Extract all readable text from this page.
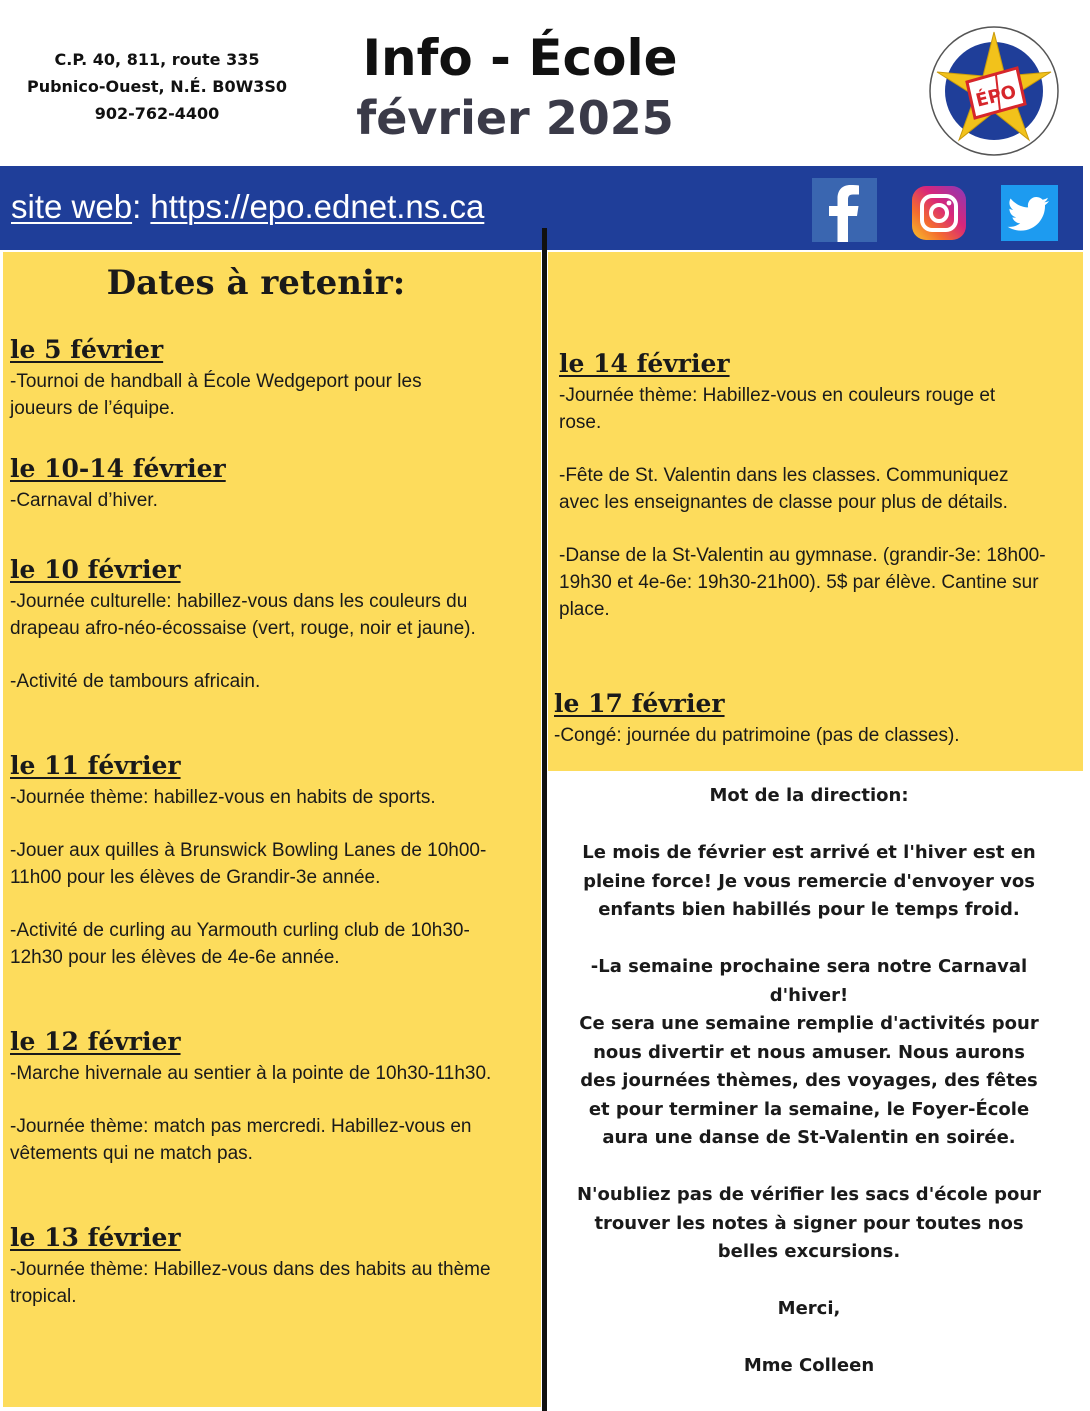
C.P. 40, 811, route 335
Pubnico-Ouest, N.É. B0W3S0
902-762-4400
Info - École
février 2025	ÉPO
site web: https://epo.ednet.ns.ca
Dates à retenir:
le 5 février
-Tournoi de handball à École Wedgeport pour les
joueurs de l’équipe.
le 10-14 février
-Carnaval d’hiver.
le 10 février
-Journée culturelle: habillez-vous dans les couleurs du
drapeau afro-néo-écossaise (vert, rouge, noir et jaune).
-Activité de tambours africain.
le 11 février
-Journée thème: habillez-vous en habits de sports.
-Jouer aux quilles à Brunswick Bowling Lanes de 10h00-
11h00 pour les élèves de Grandir-3e année.
-Activité de curling au Yarmouth curling club de 10h30-
12h30 pour les élèves de 4e-6e année.
le 12 février
-Marche hivernale au sentier à la pointe de 10h30-11h30.
-Journée thème: match pas mercredi. Habillez-vous en
vêtements qui ne match pas.
le 13 février
-Journée thème: Habillez-vous dans des habits au thème
tropical.
le 14 février
-Journée thème: Habillez-vous en couleurs rouge et
rose.
-Fête de St. Valentin dans les classes. Communiquez
avec les enseignantes de classe pour plus de détails.
-Danse de la St-Valentin au gymnase. (grandir-3e: 18h00-
19h30 et 4e-6e: 19h30-21h00). 5$ par élève. Cantine sur
place.
le 17 février
-Congé: journée du patrimoine (pas de classes).
Mot de la direction:
Le mois de février est arrivé et l'hiver est en
pleine force! Je vous remercie d'envoyer vos
enfants bien habillés pour le temps froid.
-La semaine prochaine sera notre Carnaval
d'hiver!
Ce sera une semaine remplie d'activités pour
nous divertir et nous amuser. Nous aurons
des journées thèmes, des voyages, des fêtes
et pour terminer la semaine, le Foyer-École
aura une danse de St-Valentin en soirée.
N'oubliez pas de vérifier les sacs d'école pour
trouver les notes à signer pour toutes nos
belles excursions.
Merci,
Mme Colleen
